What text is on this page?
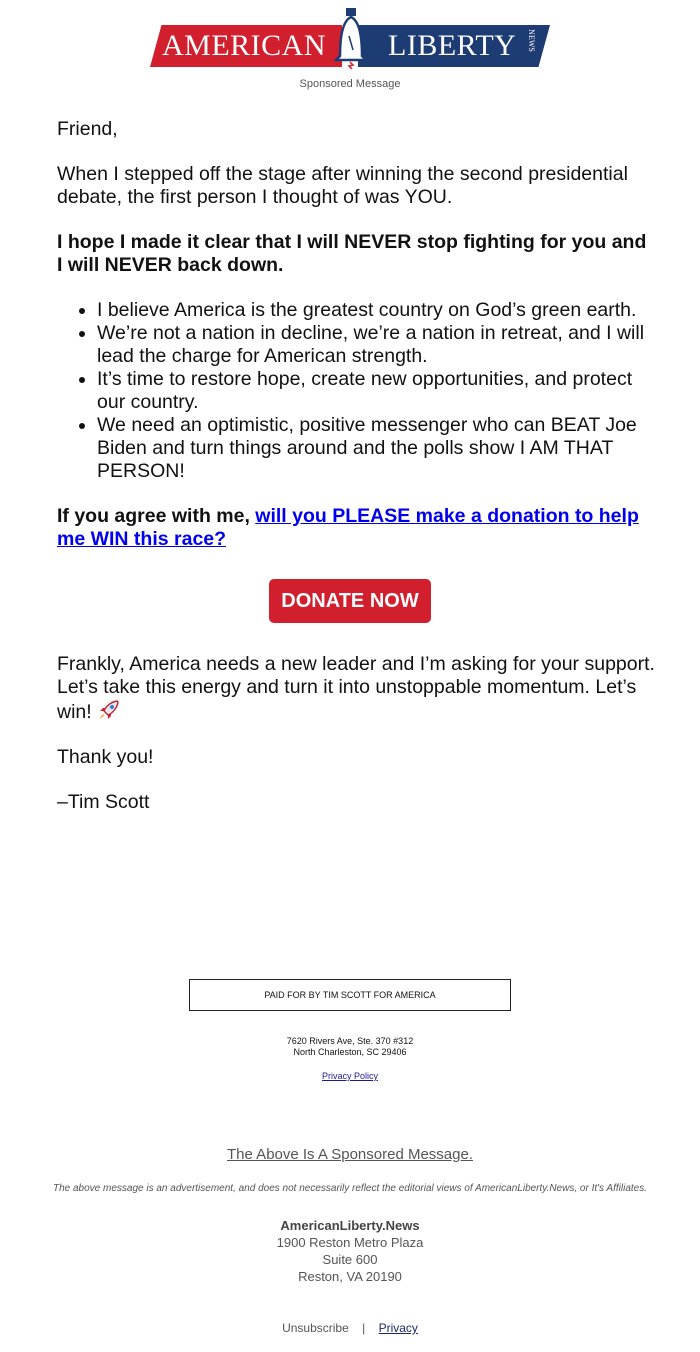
AMERICAN LIBERTY NEWS
Sponsored Message

Friend,

When I stepped off the stage after winning the second presidential debate, the first person I thought of was YOU.

I hope I made it clear that I will NEVER stop fighting for you and I will NEVER back down.

• I believe America is the greatest country on God’s green earth.
• We’re not a nation in decline, we’re a nation in retreat, and I will lead the charge for American strength.
• It’s time to restore hope, create new opportunities, and protect our country.
• We need an optimistic, positive messenger who can BEAT Joe Biden and turn things around and the polls show I AM THAT PERSON!

If you agree with me, will you PLEASE make a donation to help me WIN this race?

DONATE NOW

Frankly, America needs a new leader and I’m asking for your support. Let’s take this energy and turn it into unstoppable momentum. Let’s win!

Thank you!

–Tim Scott

PAID FOR BY TIM SCOTT FOR AMERICA
7620 Rivers Ave, Ste. 370 #312
North Charleston, SC 29406
Privacy Policy
The Above Is A Sponsored Message.
The above message is an advertisement, and does not necessarily reflect the editorial views of AmericanLiberty.News, or It's Affiliates.
AmericanLiberty.News
1900 Reston Metro Plaza
Suite 600
Reston, VA 20190
Unsubscribe | Privacy
